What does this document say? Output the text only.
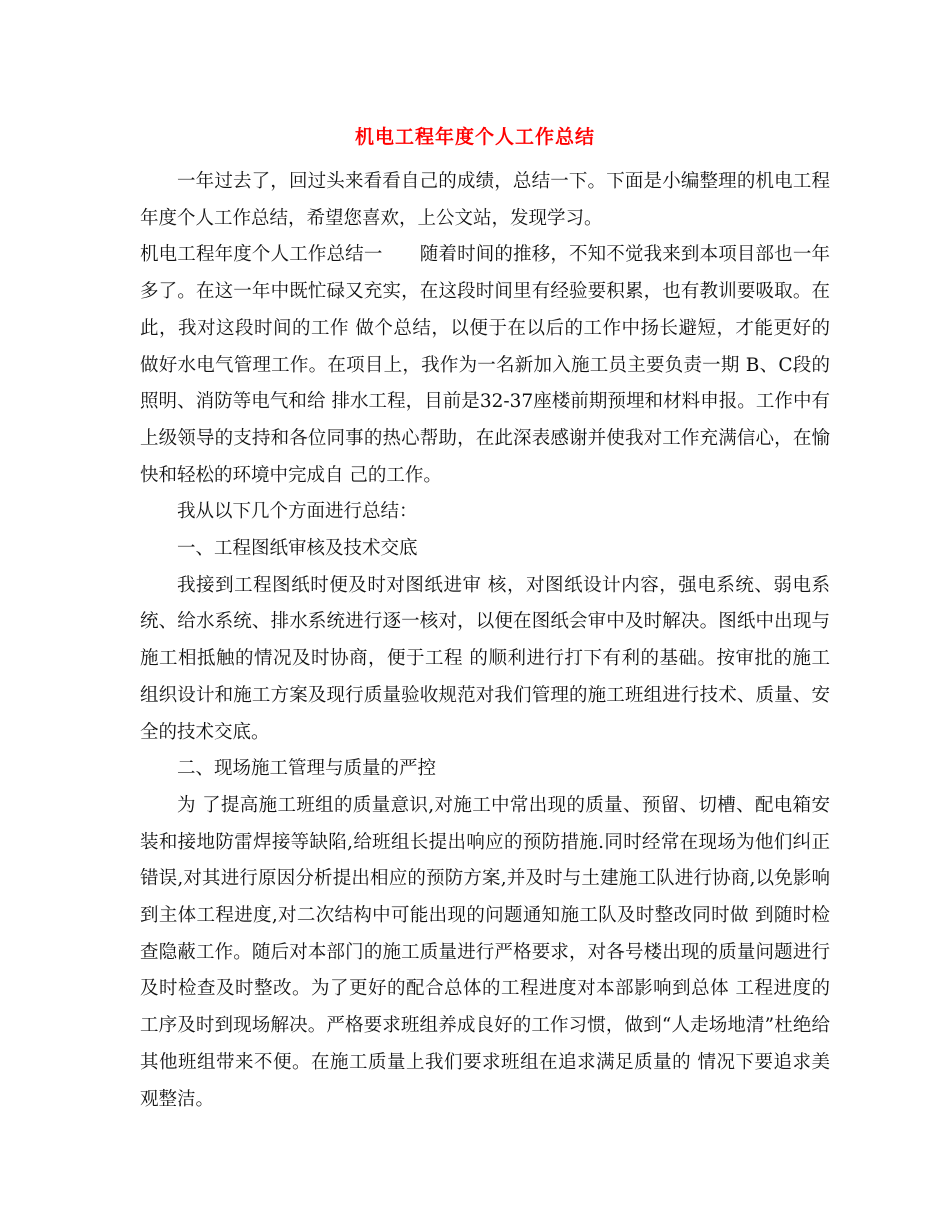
机电工程年度个人工作总结

一年过去了，回过头来看看自己的成绩，总结一下。下面是小编整理的机电工程年度个人工作总结，希望您喜欢，上公文站，发现学习。

机电工程年度个人工作总结一　　随着时间的推移，不知不觉我来到本项目部也一年多了。在这一年中既忙碌又充实，在这段时间里有经验要积累，也有教训要吸取。在此，我对这段时间的工作 做个总结，以便于在以后的工作中扬长避短，才能更好的做好水电气管理工作。在项目上，我作为一名新加入施工员主要负责一期 B、C段的照明、消防等电气和给 排水工程，目前是32-37座楼前期预埋和材料申报。工作中有上级领导的支持和各位同事的热心帮助，在此深表感谢并使我对工作充满信心，在愉快和轻松的环境中完成自 己的工作。

我从以下几个方面进行总结：

一、工程图纸审核及技术交底

我接到工程图纸时便及时对图纸进审 核，对图纸设计内容，强电系统、弱电系统、给水系统、排水系统进行逐一核对，以便在图纸会审中及时解决。图纸中出现与施工相抵触的情况及时协商，便于工程 的顺利进行打下有利的基础。按审批的施工组织设计和施工方案及现行质量验收规范对我们管理的施工班组进行技术、质量、安全的技术交底。

二、现场施工管理与质量的严控

为 了提高施工班组的质量意识,对施工中常出现的质量、预留、切槽、配电箱安装和接地防雷焊接等缺陷,给班组长提出响应的预防措施.同时经常在现场为他们纠正 错误,对其进行原因分析提出相应的预防方案,并及时与土建施工队进行协商,以免影响到主体工程进度,对二次结构中可能出现的问题通知施工队及时整改同时做 到随时检查隐蔽工作。随后对本部门的施工质量进行严格要求，对各号楼出现的质量问题进行及时检查及时整改。为了更好的配合总体的工程进度对本部影响到总体 工程进度的工序及时到现场解决。严格要求班组养成良好的工作习惯，做到“人走场地清”杜绝给其他班组带来不便。在施工质量上我们要求班组在追求满足质量的 情况下要追求美观整洁。
